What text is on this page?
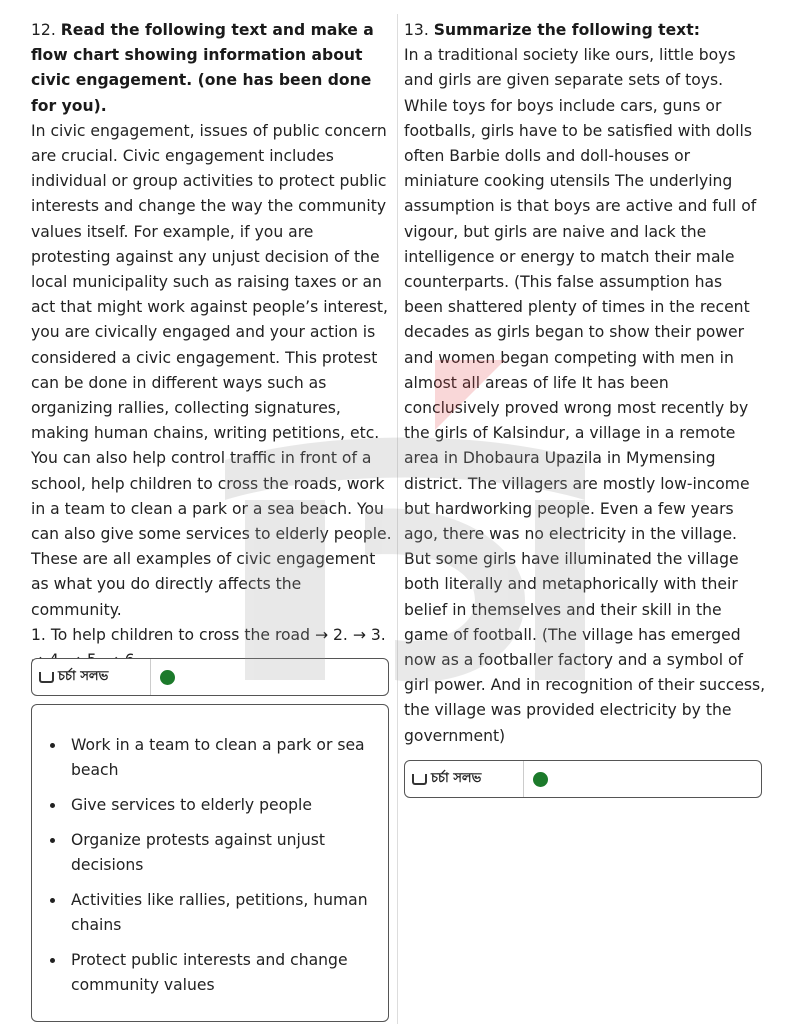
12. Read the following text and make a flow chart showing information about civic engagement. (one has been done for you).

In civic engagement, issues of public concern are crucial. Civic engagement includes individual or group activities to protect public interests and change the way the community values itself. For example, if you are protesting against any unjust decision of the local municipality such as raising taxes or an act that might work against people’s interest, you are civically engaged and your action is considered a civic engagement. This protest can be done in different ways such as organizing rallies, collecting signatures, making human chains, writing petitions, etc. You can also help control traffic in front of a school, help children to cross the roads, work in a team to clean a park or a sea beach. You can also give some services to elderly people. These are all examples of civic engagement as what you do directly affects the community.

1. To help children to cross the road → 2. → 3.

চর্চা সলভ
Work in a team to clean a park or sea beach
Give services to elderly people
Organize protests against unjust decisions
Activities like rallies, petitions, human chains
Protect public interests and change community values

13. Summarize the following text:

In a traditional society like ours, little boys and girls are given separate sets of toys. While toys for boys include cars, guns or footballs, girls have to be satisfied with dolls often Barbie dolls and doll-houses or miniature cooking utensils The underlying assumption is that boys are active and full of vigour, but girls are naive and lack the intelligence or energy to match their male counterparts. (This false assumption has been shattered plenty of times in the recent decades as girls began to show their power and women began competing with men in almost all areas of life It has been conclusively proved wrong most recently by the girls of Kalsindur, a village in a remote area in Dhobaura Upazila in Mymensing district. The villagers are mostly low-income but hardworking people. Even a few years ago, there was no electricity in the village. But some girls have illuminated the village both literally and metaphorically with their belief in themselves and their skill in the game of football. (The village has emerged now as a footballer factory and a symbol of girl power. And in recognition of their success, the village was provided electricity by the government)

চর্চা সলভ
